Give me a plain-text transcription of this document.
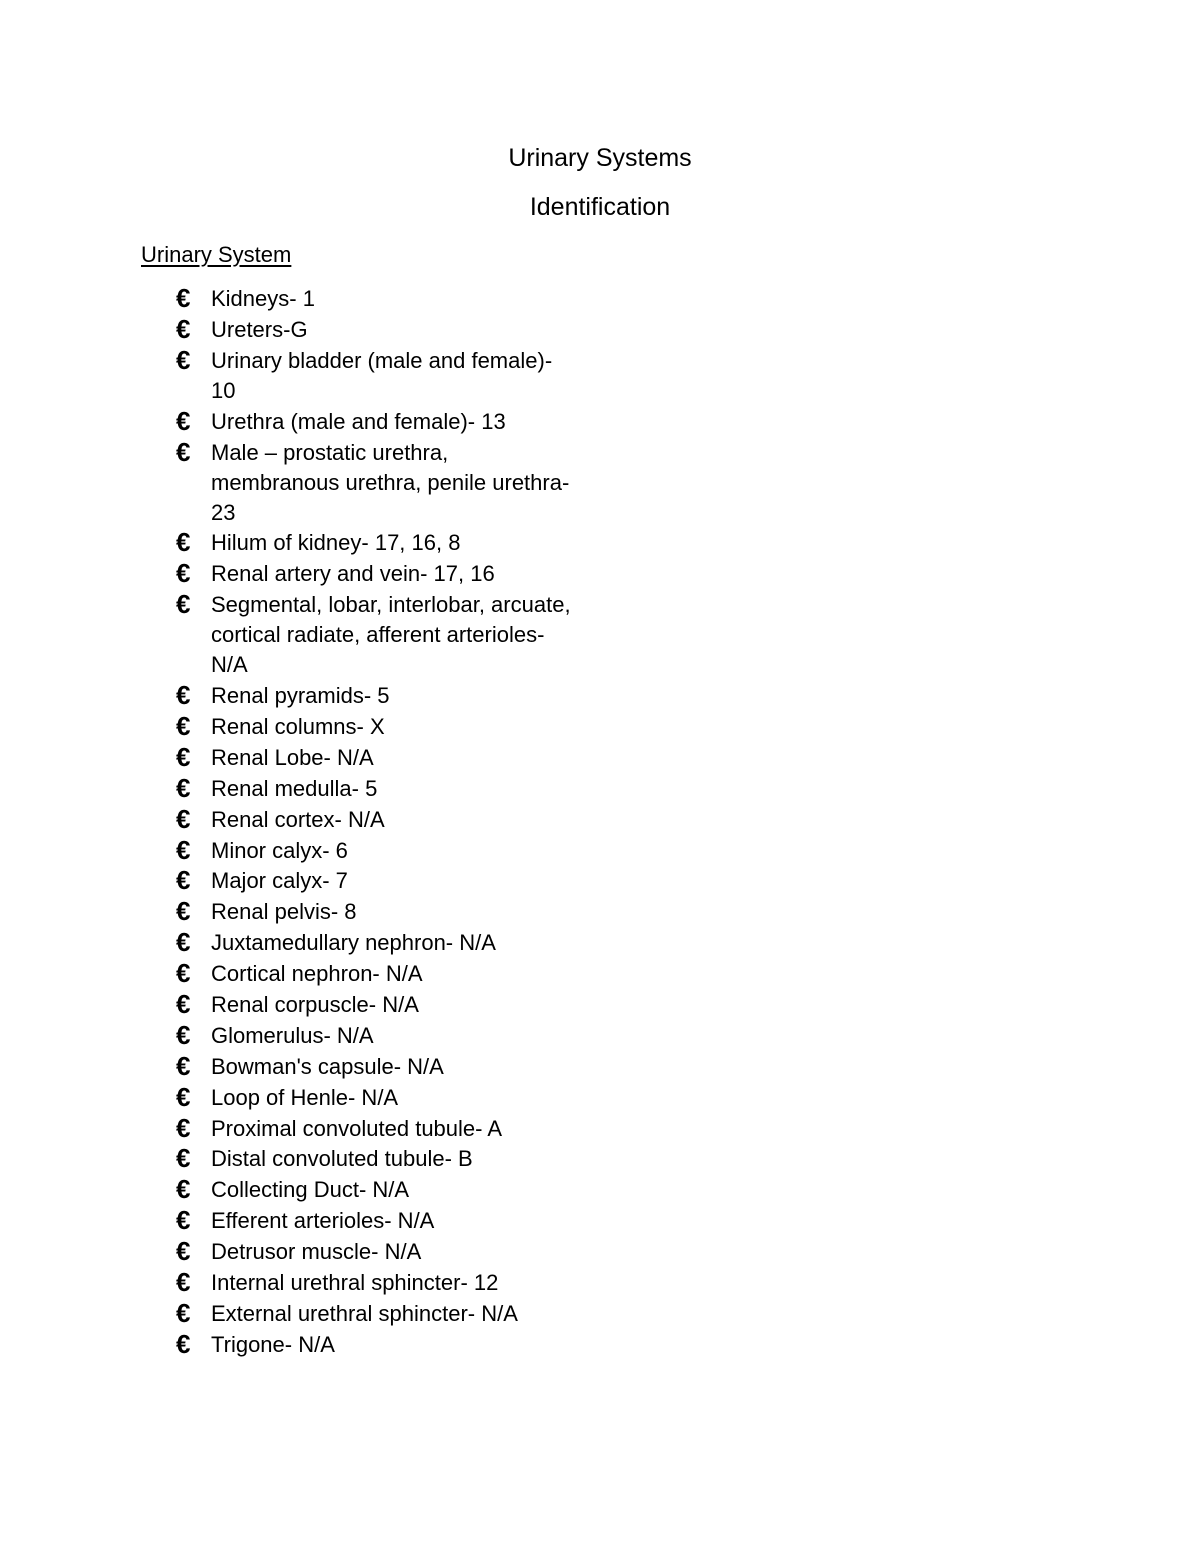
Urinary Systems
Identification
Urinary System
€ Kidneys- 1
€ Ureters-G
€ Urinary bladder (male and female)- 10
€ Urethra (male and female)- 13
€ Male – prostatic urethra, membranous urethra, penile urethra- 23
€ Hilum of kidney- 17, 16, 8
€ Renal artery and vein- 17, 16
€ Segmental, lobar, interlobar, arcuate, cortical radiate, afferent arterioles- N/A
€ Renal pyramids- 5
€ Renal columns- X
€ Renal Lobe- N/A
€ Renal medulla- 5
€ Renal cortex- N/A
€ Minor calyx- 6
€ Major calyx- 7
€ Renal pelvis- 8
€ Juxtamedullary nephron- N/A
€ Cortical nephron- N/A
€ Renal corpuscle- N/A
€ Glomerulus- N/A
€ Bowman's capsule- N/A
€ Loop of Henle- N/A
€ Proximal convoluted tubule- A
€ Distal convoluted tubule- B
€ Collecting Duct- N/A
€ Efferent arterioles- N/A
€ Detrusor muscle- N/A
€ Internal urethral sphincter- 12
€ External urethral sphincter- N/A
€ Trigone- N/A
